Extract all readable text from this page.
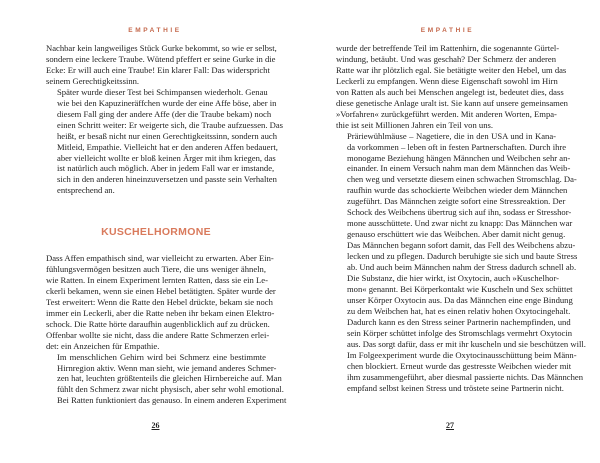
EMPATHIE

Nachbar kein langweiliges Stück Gurke bekommt, so wie er selbst,
sondern eine leckere Traube. Wütend pfeffert er seine Gurke in die
Ecke: Er will auch eine Traube! Ein klarer Fall: Das widerspricht
seinem Gerechtigkeitssinn.

Später wurde dieser Test bei Schimpansen wiederholt. Genau
wie bei den Kapuzineräffchen wurde der eine Affe böse, aber in
diesem Fall ging der andere Affe (der die Traube bekam) noch
einen Schritt weiter: Er weigerte sich, die Traube aufzuessen. Das
heißt, er besaß nicht nur einen Gerechtigkeitssinn, sondern auch
Mitleid, Empathie. Vielleicht hat er den anderen Affen bedauert,
aber vielleicht wollte er bloß keinen Ärger mit ihm kriegen, das
ist natürlich auch möglich. Aber in jedem Fall war er imstande,
sich in den anderen hineinzuversetzen und passte sein Verhalten
entsprechend an.

KUSCHELHORMONE

Dass Affen empathisch sind, war vielleicht zu erwarten. Aber Ein-
fühlungsvermögen besitzen auch Tiere, die uns weniger ähneln,
wie Ratten. In einem Experiment lernten Ratten, dass sie ein Le-
ckerli bekamen, wenn sie einen Hebel betätigten. Später wurde der
Test erweitert: Wenn die Ratte den Hebel drückte, bekam sie noch
immer ein Leckerli, aber die Ratte neben ihr bekam einen Elektro-
schock. Die Ratte hörte daraufhin augenblicklich auf zu drücken.
Offenbar wollte sie nicht, dass die andere Ratte Schmerzen erlei-
det: ein Anzeichen für Empathie.

Im menschlichen Gehirn wird bei Schmerz eine bestimmte
Hirnregion aktiv. Wenn man sieht, wie jemand anderes Schmer-
zen hat, leuchten größtenteils die gleichen Hirnbereiche auf. Man
fühlt den Schmerz zwar nicht physisch, aber sehr wohl emotional.
Bei Ratten funktioniert das genauso. In einem anderen Experiment

26
EMPATHIE

wurde der betreffende Teil im Rattenhirn, die sogenannte Gürtel-
windung, betäubt. Und was geschah? Der Schmerz der anderen
Ratte war ihr plötzlich egal. Sie betätigte weiter den Hebel, um das
Leckerli zu empfangen. Wenn diese Eigenschaft sowohl im Hirn
von Ratten als auch bei Menschen angelegt ist, bedeutet dies, dass
diese genetische Anlage uralt ist. Sie kann auf unsere gemeinsamen
»Vorfahren« zurückgeführt werden. Mit anderen Worten, Empa-
thie ist seit Millionen Jahren ein Teil von uns.

Präriewühlmäuse – Nagetiere, die in den USA und in Kana-
da vorkommen – leben oft in festen Partnerschaften. Durch ihre
monogame Beziehung hängen Männchen und Weibchen sehr an-
einander. In einem Versuch nahm man dem Männchen das Weib-
chen weg und versetzte diesem einen schwachen Stromschlag. Da-
raufhin wurde das schockierte Weibchen wieder dem Männchen
zugeführt. Das Männchen zeigte sofort eine Stressreaktion. Der
Schock des Weibchens übertrug sich auf ihn, sodass er Stresshor-
mone ausschüttete. Und zwar nicht zu knapp: Das Männchen war
genauso erschüttert wie das Weibchen. Aber damit nicht genug.
Das Männchen begann sofort damit, das Fell des Weibchens abzu-
lecken und zu pflegen. Dadurch beruhigte sie sich und baute Stress
ab. Und auch beim Männchen nahm der Stress dadurch schnell ab.

Die Substanz, die hier wirkt, ist Oxytocin, auch »Kuschelhor-
mon« genannt. Bei Körperkontakt wie Kuscheln und Sex schüttet
unser Körper Oxytocin aus. Da das Männchen eine enge Bindung
zu dem Weibchen hat, hat es einen relativ hohen Oxytocingehalt.
Dadurch kann es den Stress seiner Partnerin nachempfinden, und
sein Körper schüttet infolge des Stromschlags vermehrt Oxytocin
aus. Das sorgt dafür, dass er mit ihr kuscheln und sie beschützen will.
Im Folgeexperiment wurde die Oxytocinausschüttung beim Männ-
chen blockiert. Erneut wurde das gestresste Weibchen wieder mit
ihm zusammengeführt, aber diesmal passierte nichts. Das Männchen
empfand selbst keinen Stress und tröstete seine Partnerin nicht.

27
